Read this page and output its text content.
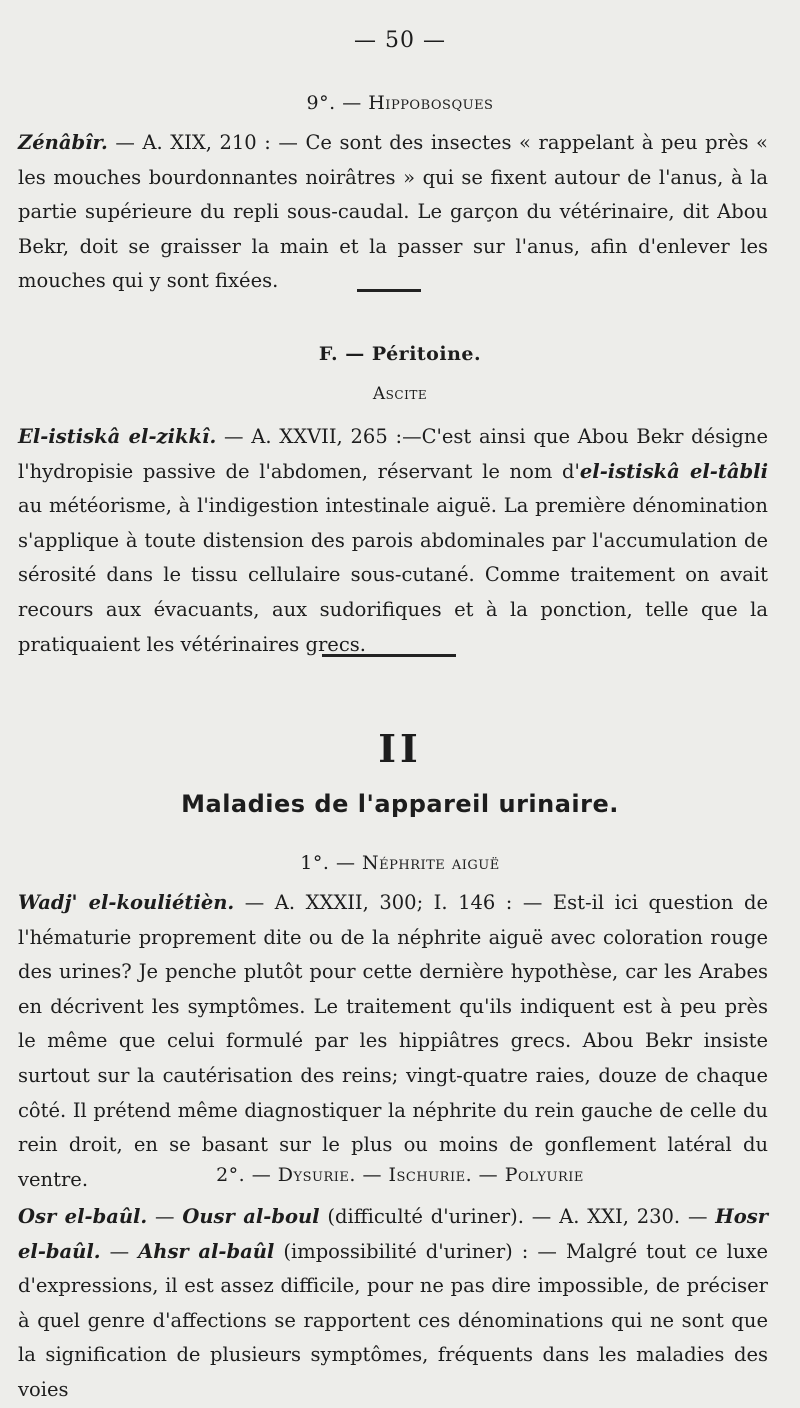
— 50 —
9°. — Hippobosques

Zénâbîr. — A. XIX, 210 : — Ce sont des insectes « rappelant à peu près « les mouches bourdonnantes noirâtres » qui se fixent autour de l'anus, à la partie supérieure du repli sous-caudal. Le garçon du vétérinaire, dit Abou Bekr, doit se graisser la main et la passer sur l'anus, afin d'enlever les mouches qui y sont fixées.

F. — Péritoine.
Ascite

El-istiskâ el-zikkî. — A. XXVII, 265 :—C'est ainsi que Abou Bekr désigne l'hydropisie passive de l'abdomen, réservant le nom d'el-istiskâ el-tâbli au météorisme, à l'indigestion intestinale aiguë. La première dénomination s'applique à toute distension des parois abdominales par l'accumulation de sérosité dans le tissu cellulaire sous-cutané. Comme traitement on avait recours aux évacuants, aux sudorifiques et à la ponction, telle que la pratiquaient les vétérinaires grecs.

II
Maladies de l'appareil urinaire.
1°. — Néphrite aiguë

Wadj' el-kouliétièn. — A. XXXII, 300; I. 146 : — Est-il ici question de l'hématurie proprement dite ou de la néphrite aiguë avec coloration rouge des urines? Je penche plutôt pour cette dernière hypothèse, car les Arabes en décrivent les symptômes. Le traitement qu'ils indiquent est à peu près le même que celui formulé par les hippiâtres grecs. Abou Bekr insiste surtout sur la cautérisation des reins; vingt-quatre raies, douze de chaque côté. Il prétend même diagnostiquer la néphrite du rein gauche de celle du rein droit, en se basant sur le plus ou moins de gonflement latéral du ventre.	2°. — Dysurie. — Ischurie. — Polyurie

Osr el-baûl. — Ousr al-boul (difficulté d'uriner). — A. XXI, 230. — Hosr el-baûl. — Ahsr al-baûl (impossibilité d'uriner) : — Malgré tout ce luxe d'expressions, il est assez difficile, pour ne pas dire impossible, de préciser à quel genre d'affections se rapportent ces dénominations qui ne sont que la signification de plusieurs symptômes, fréquents dans les maladies des voies
